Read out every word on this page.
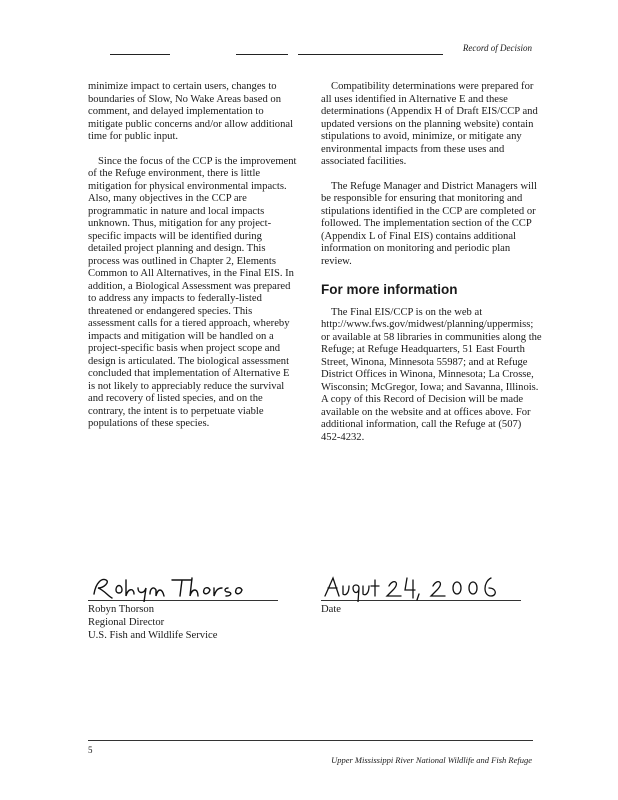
Record of Decision

minimize impact to certain users, changes to boundaries of Slow, No Wake Areas based on comment, and delayed implementation to mitigate public concerns and/or allow additional time for public input.

Since the focus of the CCP is the improvement of the Refuge environment, there is little mitigation for physical environmental impacts. Also, many objectives in the CCP are programmatic in nature and local impacts unknown. Thus, mitigation for any project-specific impacts will be identified during detailed project planning and design. This process was outlined in Chapter 2, Elements Common to All Alternatives, in the Final EIS. In addition, a Biological Assessment was prepared to address any impacts to federally-listed threatened or endangered species. This assessment calls for a tiered approach, whereby impacts and mitigation will be handled on a project-specific basis when project scope and design is articulated. The biological assessment concluded that implementation of Alternative E is not likely to appreciably reduce the survival and recovery of listed species, and on the contrary, the intent is to perpetuate viable populations of these species.

Compatibility determinations were prepared for all uses identified in Alternative E and these determinations (Appendix H of Draft EIS/CCP and updated versions on the planning website) contain stipulations to avoid, minimize, or mitigate any environmental impacts from these uses and associated facilities.

The Refuge Manager and District Managers will be responsible for ensuring that monitoring and stipulations identified in the CCP are completed or followed. The implementation section of the CCP (Appendix L of Final EIS) contains additional information on monitoring and periodic plan review.

For more information

The Final EIS/CCP is on the web at http://www.fws.gov/midwest/planning/uppermiss; or available at 58 libraries in communities along the Refuge; at Refuge Headquarters, 51 East Fourth Street, Winona, Minnesota 55987; and at Refuge District Offices in Winona, Minnesota; La Crosse, Wisconsin; McGregor, Iowa; and Savanna, Illinois. A copy of this Record of Decision will be made available on the website and at offices above. For additional information, call the Refuge at (507) 452-4232.

Robyn Thorson
Regional Director
U.S. Fish and Wildlife Service
Date
5
Upper Mississippi River National Wildlife and Fish Refuge
